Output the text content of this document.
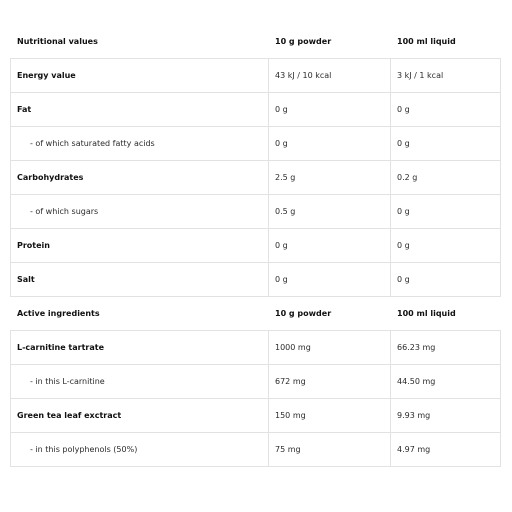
Nutritional values	10 g powder	100 ml liquid
Energy value	43 kJ / 10 kcal	3 kJ / 1 kcal
Fat	0 g	0 g
- of which saturated fatty acids	0 g	0 g
Carbohydrates	2.5 g	0.2 g
- of which sugars	0.5 g	0 g
Protein	0 g	0 g
Salt	0 g	0 g
Active ingredients	10 g powder	100 ml liquid
L-carnitine tartrate	1000 mg	66.23 mg
- in this L-carnitine	672 mg	44.50 mg
Green tea leaf exctract	150 mg	9.93 mg
- in this polyphenols (50%)	75 mg	4.97 mg
